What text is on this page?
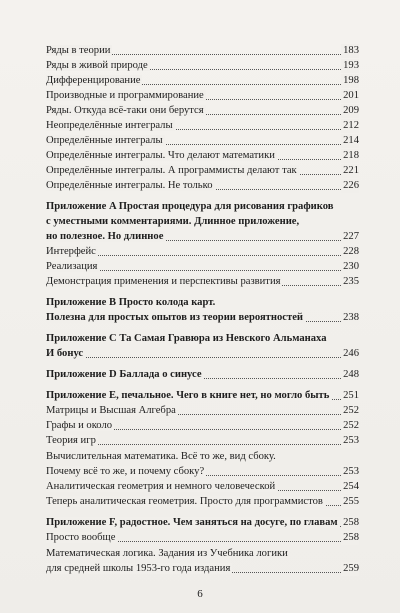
Ряды в теории	183
Ряды в живой природе	193
Дифференцирование	198
Производные и программирование	201
Ряды. Откуда всё-таки они берутся	209
Неопределённые интегралы	212
Определённые интегралы	214
Определённые интегралы. Что делают математики	218
Определённые интегралы. А программисты делают так	221
Определённые интегралы. Не только	226
Приложение A Простая процедура для рисования графиков
с уместными комментариями. Длинное приложение,
но полезное. Но длинное	227
Интерфейс	228
Реализация	230
Демонстрация применения и перспективы развития	235
Приложение B Просто колода карт.
Полезна для простых опытов из теории вероятностей	238
Приложение C Та Самая Гравюра из Невского Альманаха
И бонус	246
Приложение D Баллада о синусе	248
Приложение E, печальное. Чего в книге нет, но могло быть 251
Матрицы и Высшая Алгебра	252
Графы и около	252
Теория игр	253
Вычислительная математика. Всё то же, вид сбоку.
Почему всё то же, и почему сбоку?	253
Аналитическая геометрия и немного человеческой	254
Теперь аналитическая геометрия. Просто для программистов 255
Приложение F, радостное. Чем заняться на досуге, по главам 258
Просто вообще	258
Математическая логика. Задания из Учебника логики
для средней школы 1953-го года издания	259
6
